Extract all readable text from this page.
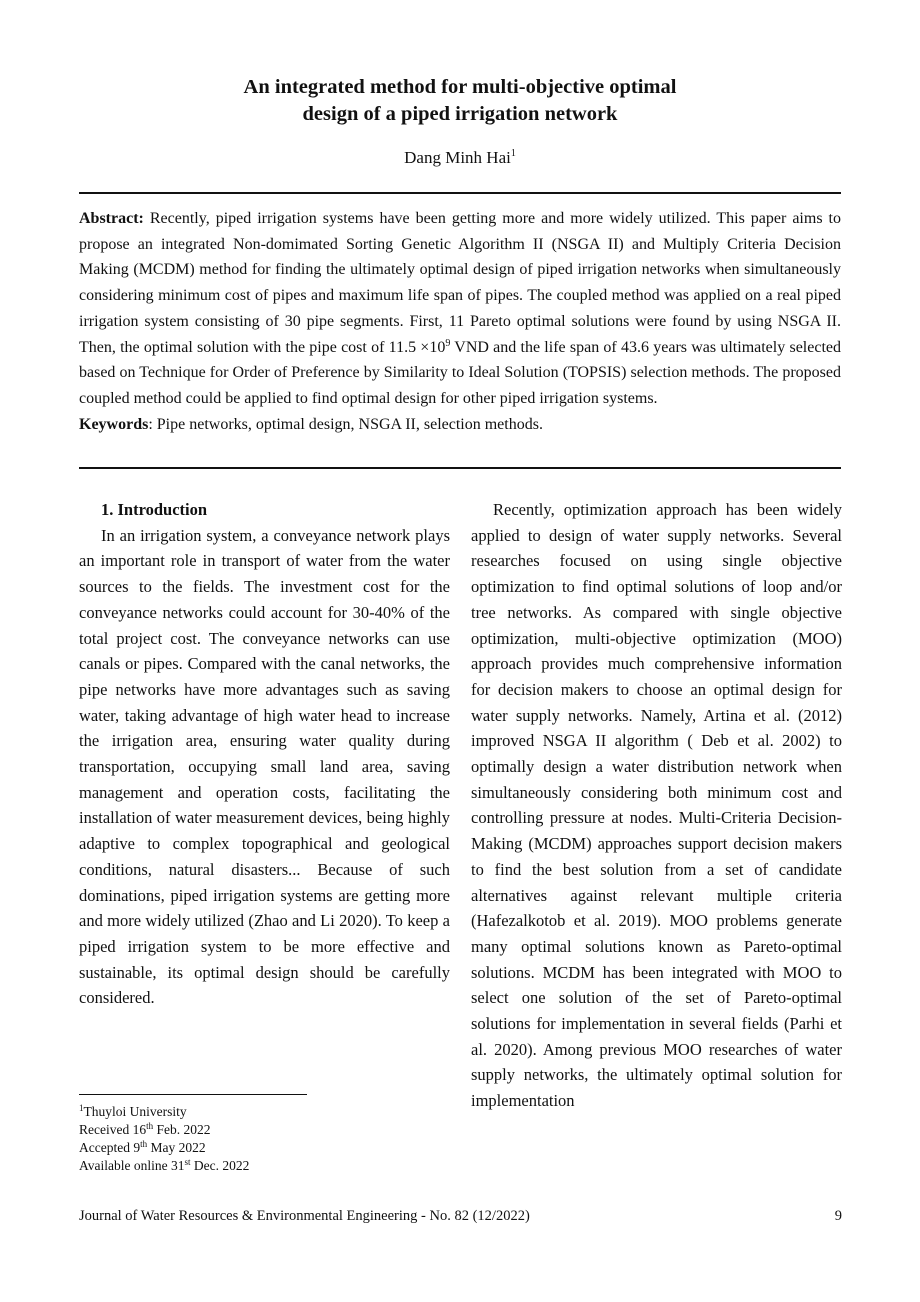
An integrated method for multi-objective optimal
design of a piped irrigation network
Dang Minh Hai$^1$

Abstract: Recently, piped irrigation systems have been getting more and more widely utilized. This paper aims to propose an integrated Non-domimated Sorting Genetic Algorithm II (NSGA II) and Multiply Criteria Decision Making (MCDM) method for finding the ultimately optimal design of piped irrigation networks when simultaneously considering minimum cost of pipes and maximum life span of pipes. The coupled method was applied on a real piped irrigation system consisting of 30 pipe segments. First, 11 Pareto optimal solutions were found by using NSGA II. Then, the optimal solution with the pipe cost of $11.5 \times 10^9$ VND and the life span of 43.6 years was ultimately selected based on Technique for Order of Preference by Similarity to Ideal Solution (TOPSIS) selection methods. The proposed coupled method could be applied to find optimal design for other piped irrigation systems.

Keywords: Pipe networks, optimal design, NSGA II, selection methods.

1. Introduction

In an irrigation system, a conveyance network plays an important role in transport of water from the water sources to the fields. The investment cost for the conveyance networks could account for 30-40% of the total project cost. The conveyance networks can use canals or pipes. Compared with the canal networks, the pipe networks have more advantages such as saving water, taking advantage of high water head to increase the irrigation area, ensuring water quality during transportation, occupying small land area, saving management and operation costs, facilitating the installation of water measurement devices, being highly adaptive to complex topographical and geological conditions, natural disasters... Because of such dominations, piped irrigation systems are getting more and more widely utilized (Zhao and Li 2020). To keep a piped irrigation system to be more effective and sustainable, its optimal design should be carefully considered.

Recently, optimization approach has been widely applied to design of water supply networks. Several researches focused on using single objective optimization to find optimal solutions of loop and/or tree networks. As compared with single objective optimization, multi-objective optimization (MOO) approach provides much comprehensive information for decision makers to choose an optimal design for water supply networks. Namely, Artina et al. (2012) improved NSGA II algorithm ( Deb et al. 2002) to optimally design a water distribution network when simultaneously considering both minimum cost and controlling pressure at nodes. Multi-Criteria Decision-Making (MCDM) approaches support decision makers to find the best solution from a set of candidate alternatives against relevant multiple criteria (Hafezalkotob et al. 2019). MOO problems generate many optimal solutions known as Pareto-optimal solutions. MCDM has been integrated with MOO to select one solution of the set of Pareto-optimal solutions for implementation in several fields (Parhi et al. 2020). Among previous MOO researches of water supply networks, the ultimately optimal solution for implementation

$^1$Thuyloi University
Received 16th Feb. 2022
Accepted 9th May 2022
Available online 31st Dec. 2022
Journal of Water Resources & Environmental Engineering - No. 82 (12/2022)	9
